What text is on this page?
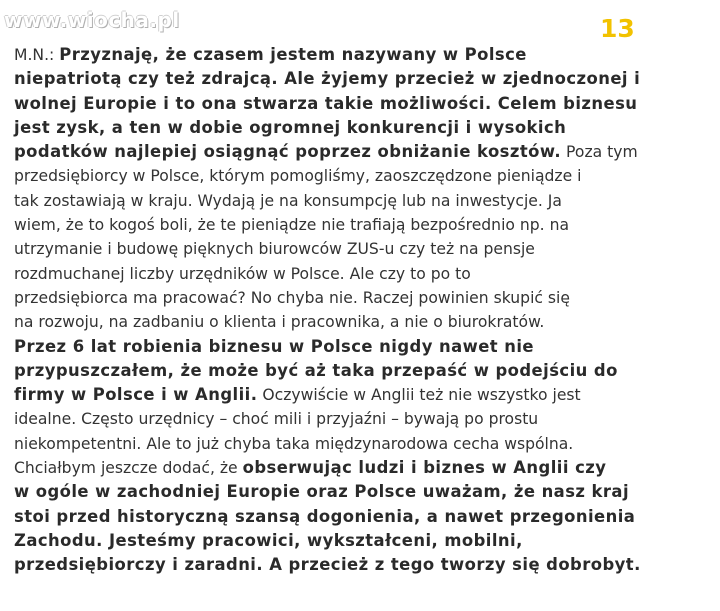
www.wiocha.pl	13
M.N.: Przyznaję, że czasem jestem nazywany w Polsce
niepatriotą czy też zdrajcą. Ale żyjemy przecież w zjednoczonej i
wolnej Europie i to ona stwarza takie możliwości. Celem biznesu
jest zysk, a ten w dobie ogromnej konkurencji i wysokich
podatków najlepiej osiągnąć poprzez obniżanie kosztów. Poza tym
przedsiębiorcy w Polsce, którym pomogliśmy, zaoszczędzone pieniądze i
tak zostawiają w kraju. Wydają je na konsumpcję lub na inwestycje. Ja
wiem, że to kogoś boli, że te pieniądze nie trafiają bezpośrednio np. na
utrzymanie i budowę pięknych biurowców ZUS-u czy też na pensje
rozdmuchanej liczby urzędników w Polsce. Ale czy to po to
przedsiębiorca ma pracować? No chyba nie. Raczej powinien skupić się
na rozwoju, na zadbaniu o klienta i pracownika, a nie o biurokratów.
Przez 6 lat robienia biznesu w Polsce nigdy nawet nie
przypuszczałem, że może być aż taka przepaść w podejściu do
firmy w Polsce i w Anglii. Oczywiście w Anglii też nie wszystko jest
idealne. Często urzędnicy – choć mili i przyjaźni – bywają po prostu
niekompetentni. Ale to już chyba taka międzynarodowa cecha wspólna.
Chciałbym jeszcze dodać, że obserwując ludzi i biznes w Anglii czy
w ogóle w zachodniej Europie oraz Polsce uważam, że nasz kraj
stoi przed historyczną szansą dogonienia, a nawet przegonienia
Zachodu. Jesteśmy pracowici, wykształceni, mobilni,
przedsiębiorczy i zaradni. A przecież z tego tworzy się dobrobyt.
